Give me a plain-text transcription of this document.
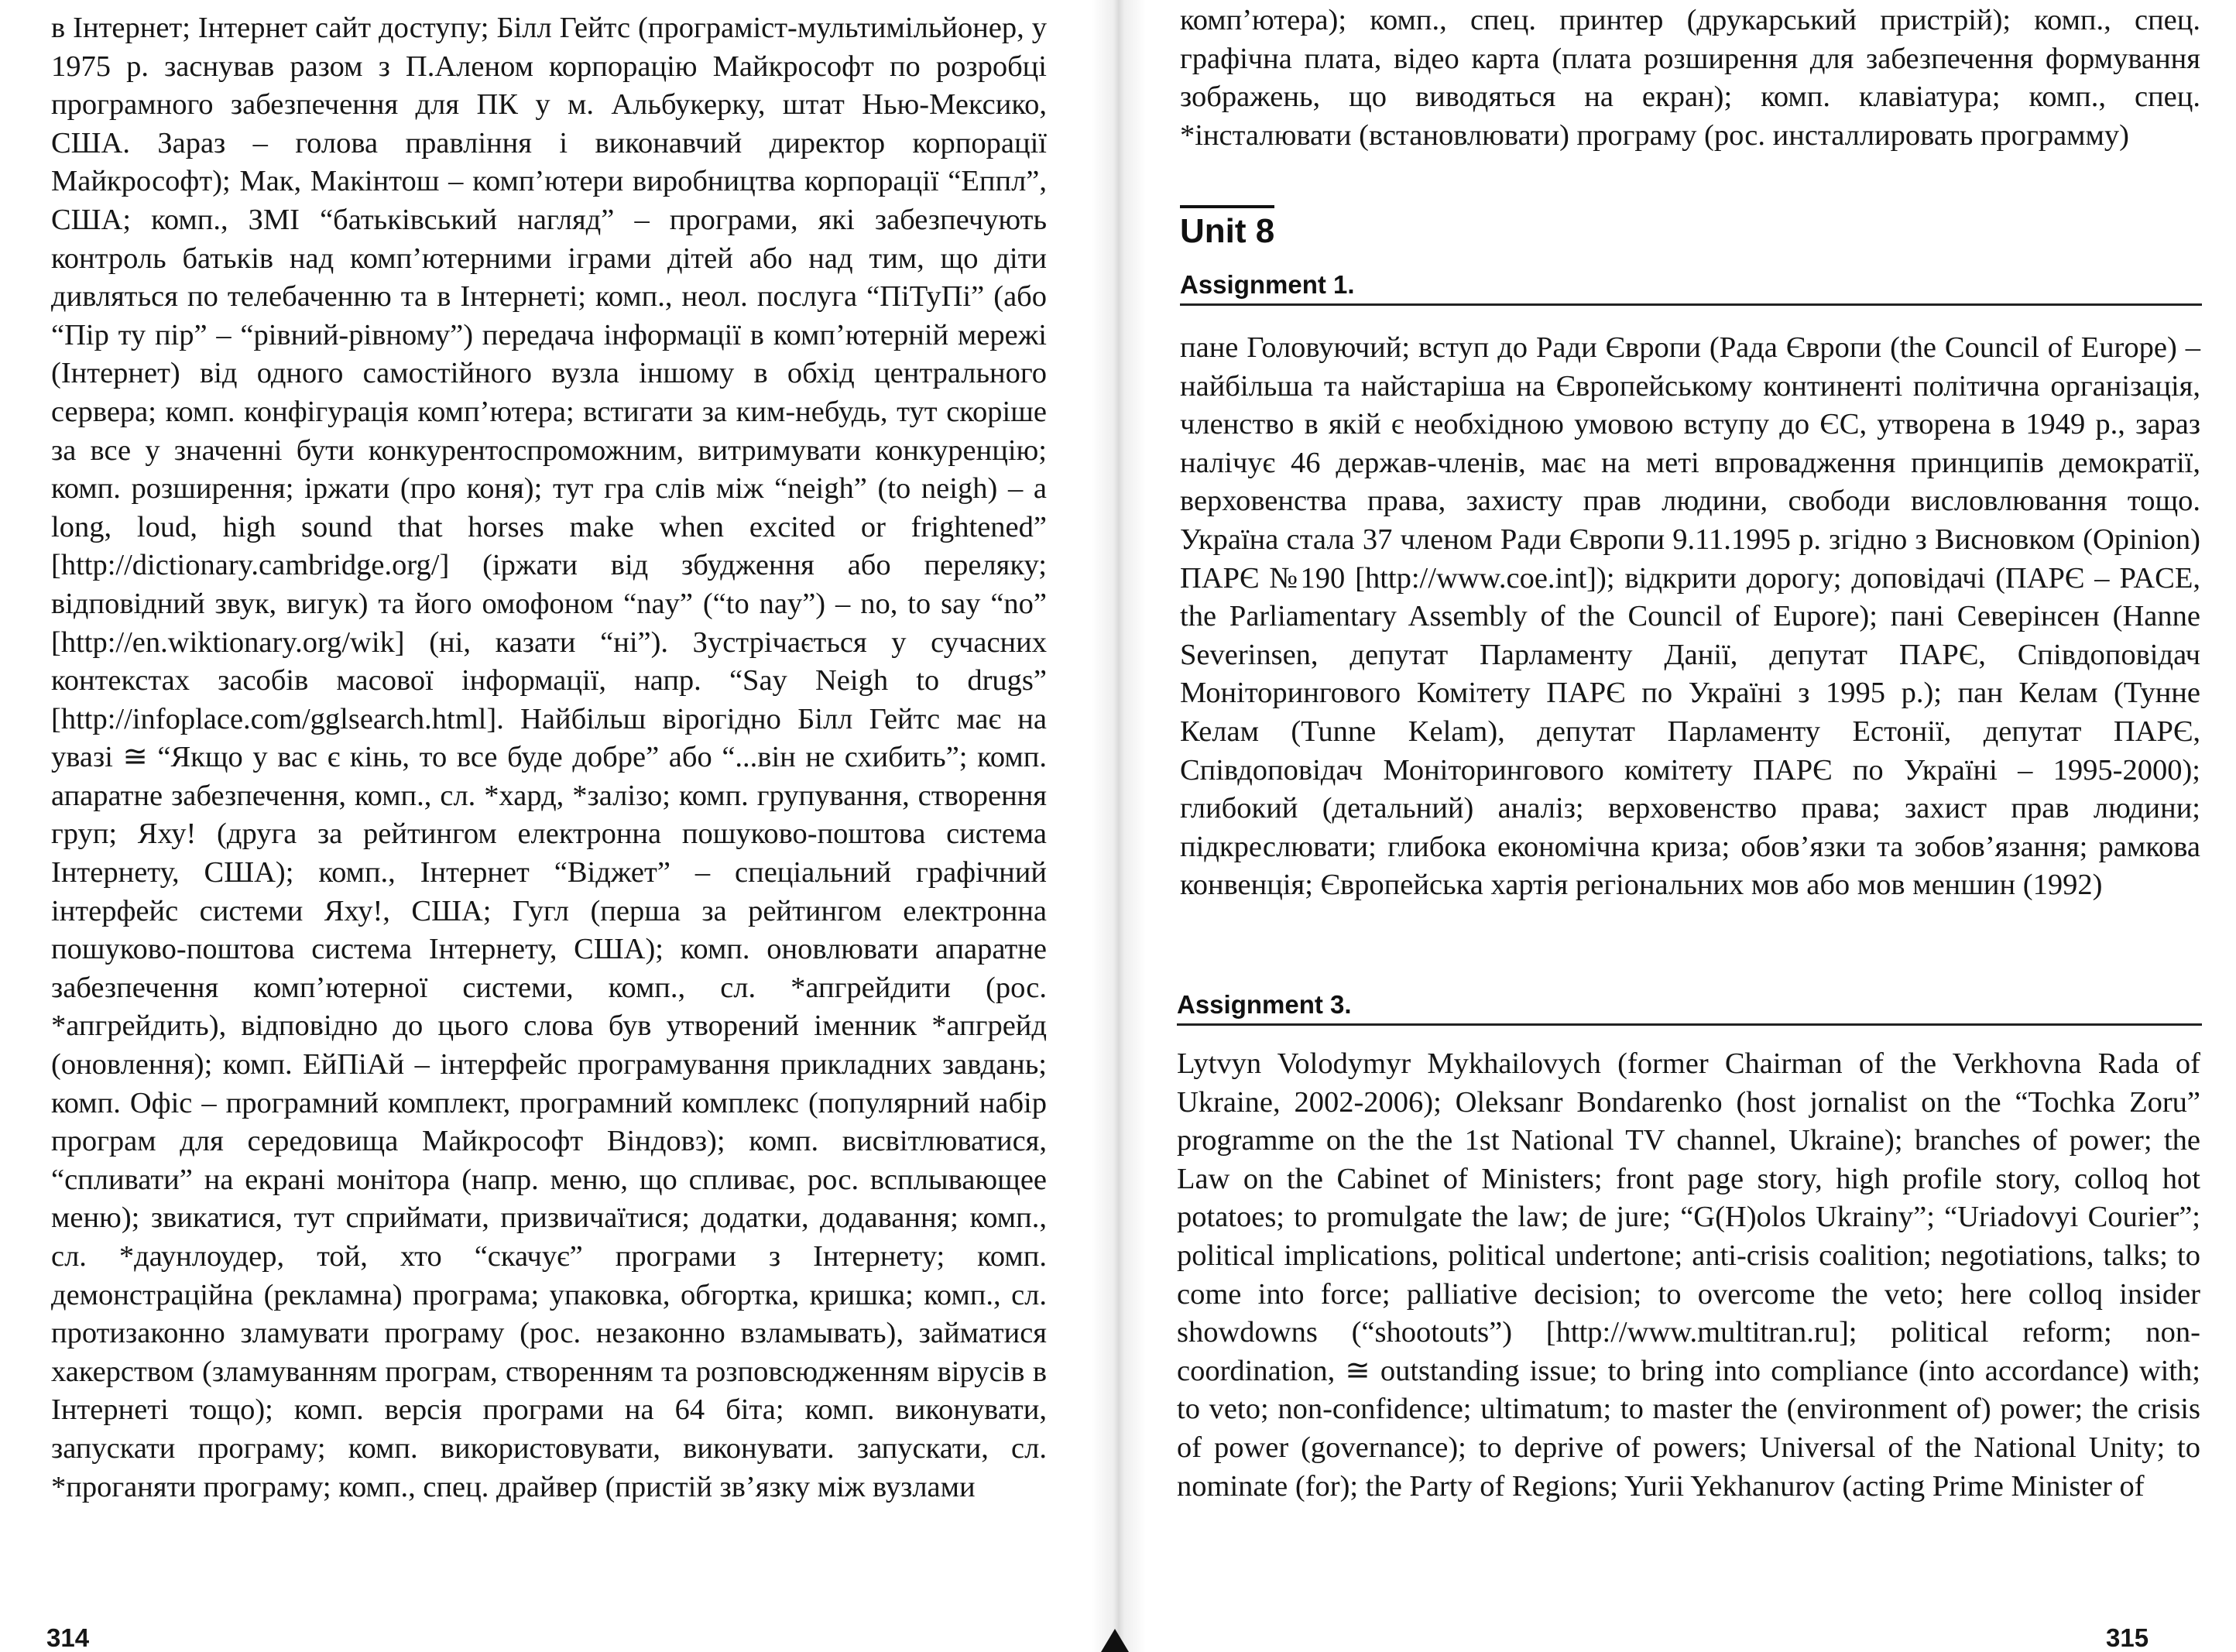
в Інтернет; Інтернет сайт доступу; Білл Гейтс (програміст-мультимільйонер, у 1975 р. заснував разом з П.Аленом корпорацію Майкрософт по розробці програмного забезпечення для ПК у м. Альбукерку, штат Нью-Мексико, США. Зараз – голова правління і виконавчий директор корпорації Майкрософт); Мак, Макінтош – комп’ютери виробництва корпорації “Еппл”, США; комп., ЗМІ “батьківський нагляд” – програми, які забезпечують контроль батьків над комп’ютерними іграми дітей або над тим, що діти дивляться по телебаченню та в Інтернеті; комп., неол. послуга “ПіТуПі” (або “Пір ту пір” – “рівний-рівному”) передача інформації в комп’ютерній мережі (Інтернет) від одного самостійного вузла іншому в обхід центрального сервера; комп. конфігурація комп’ютера; встигати за ким-небудь, тут скоріше за все у значенні бути конкурентоспроможним, витримувати конкуренцію; комп. розширення; іржати (про коня); тут гра слів між “neigh” (to neigh) – a long, loud, high sound that horses make when excited or frightened” [http://dictionary.cambridge.org/] (іржати від збудження або переляку; відповідний звук, вигук) та його омофоном “nay” (“to nay”) – no, to say “no” [http://en.wiktionary.org/wik] (ні, казати “ні”). Зустрічається у сучасних контекстах засобів масової інформації, напр. “Say Neigh to drugs” [http://infoplace.com/gglsearch.html]. Найбільш вірогідно Білл Гейтс має на увазі ≅ “Якщо у вас є кінь, то все буде добре” або “...він не схибить”; комп. апаратне забезпечення, комп., сл. *хард, *залізо; комп. групування, створення груп; Яху! (друга за рейтингом електронна пошуково-поштова система Інтернету, США); комп., Інтернет “Віджет” – спеціальний графічний інтерфейс системи Яху!, США; Гугл (перша за рейтингом електронна пошуково-поштова система Інтернету, США); комп. оновлювати апаратне забезпечення комп’ютерної системи, комп., сл. *апгрейдити (рос. *апгрейдить), відповідно до цього слова був утворений іменник *апгрейд (оновлення); комп. ЕйПіАй – інтерфейс програмування прикладних завдань; комп. Офіс – програмний комплект, програмний комплекс (популярний набір програм для середовища Майкрософт Віндовз); комп. висвітлюватися, “спливати” на екрані монітора (напр. меню, що спливає, рос. всплывающее меню); звикатися, тут сприймати, призвичаїтися; додатки, додавання; комп., сл. *даунлоудер, той, хто “скачує” програми з Інтернету; комп. демонстраційна (рекламна) програма; упаковка, обгортка, кришка; комп., сл. протизаконно зламувати програму (рос. незаконно взламывать), займатися хакерством (зламуванням програм, створенням та розповсюдженням вірусів в Інтернеті тощо); комп. версія програми на 64 біта; комп. виконувати, запускати програму; комп. використовувати, виконувати. запускати, сл. *проганяти програму; комп., спец. драйвер (пристій зв’язку між вузлами

314

комп’ютера); комп., спец. принтер (друкарський пристрій); комп., спец. графічна плата, відео карта (плата розширення для забезпечення формування зображень, що виводяться на екран); комп. клавіатура; комп., спец. *інсталювати (встановлювати) програму (рос. инсталлировать программу)

Unit 8
Assignment 1.

пане Головуючий; вступ до Ради Європи (Рада Європи (the Council of Europe) – найбільша та найстаріша на Європейському континенті політична організація, членство в якій є необхідною умовою вступу до ЄС, утворена в 1949 р., зараз налічує 46 держав-членів, має на меті впровадження принципів демократії, верховенства права, захисту прав людини, свободи висловлювання тощо. Україна стала 37 членом Ради Європи 9.11.1995 р. згідно з Висновком (Opinion) ПАРЄ №190 [http://www.coe.int]); відкрити дорогу; доповідачі (ПАРЄ – PACE, the Parliamentary Assembly of the Council of Eupore); пані Северінсен (Hanne Severinsen, депутат Парламенту Данії, депутат ПАРЄ, Співдоповідач Моніторингового Комітету ПАРЄ по Україні з 1995 р.); пан Келам (Тунне Келам (Tunne Kelam), депутат Парламенту Естонії, депутат ПАРЄ, Співдоповідач Моніторингового комітету ПАРЄ по Україні – 1995-2000); глибокий (детальний) аналіз; верховенство права; захист прав людини; підкреслювати; глибока економічна криза; обов’язки та зобов’язання; рамкова конвенція; Європейська хартія регіональних мов або мов меншин (1992)

Assignment 3.

Lytvyn Volodymyr Mykhailovych (former Chairman of the Verkhovna Rada of Ukraine, 2002-2006); Oleksanr Bondarenko (host jornalist on the “Tochka Zoru” programme on the the 1st National TV channel, Ukraine); branches of power; the Law on the Cabinet of Ministers; front page story, high profile story, colloq hot potatoes; to promulgate the law; de jure; “G(H)olos Ukrainy”; “Uriadovyi Courier”; political implications, political undertone; anti-crisis coalition; negotiations, talks; to come into force; palliative decision; to overcome the veto; here colloq insider showdowns (“shootouts”) [http://www.multitran.ru]; political reform; non-coordination, ≅ outstanding issue; to bring into compliance (into accordance) with; to veto; non-confidence; ultimatum; to master the (environment of) power; the crisis of power (governance); to deprive of powers; Universal of the National Unity; to nominate (for); the Party of Regions; Yurii Yekhanurov (acting Prime Minister of

315
